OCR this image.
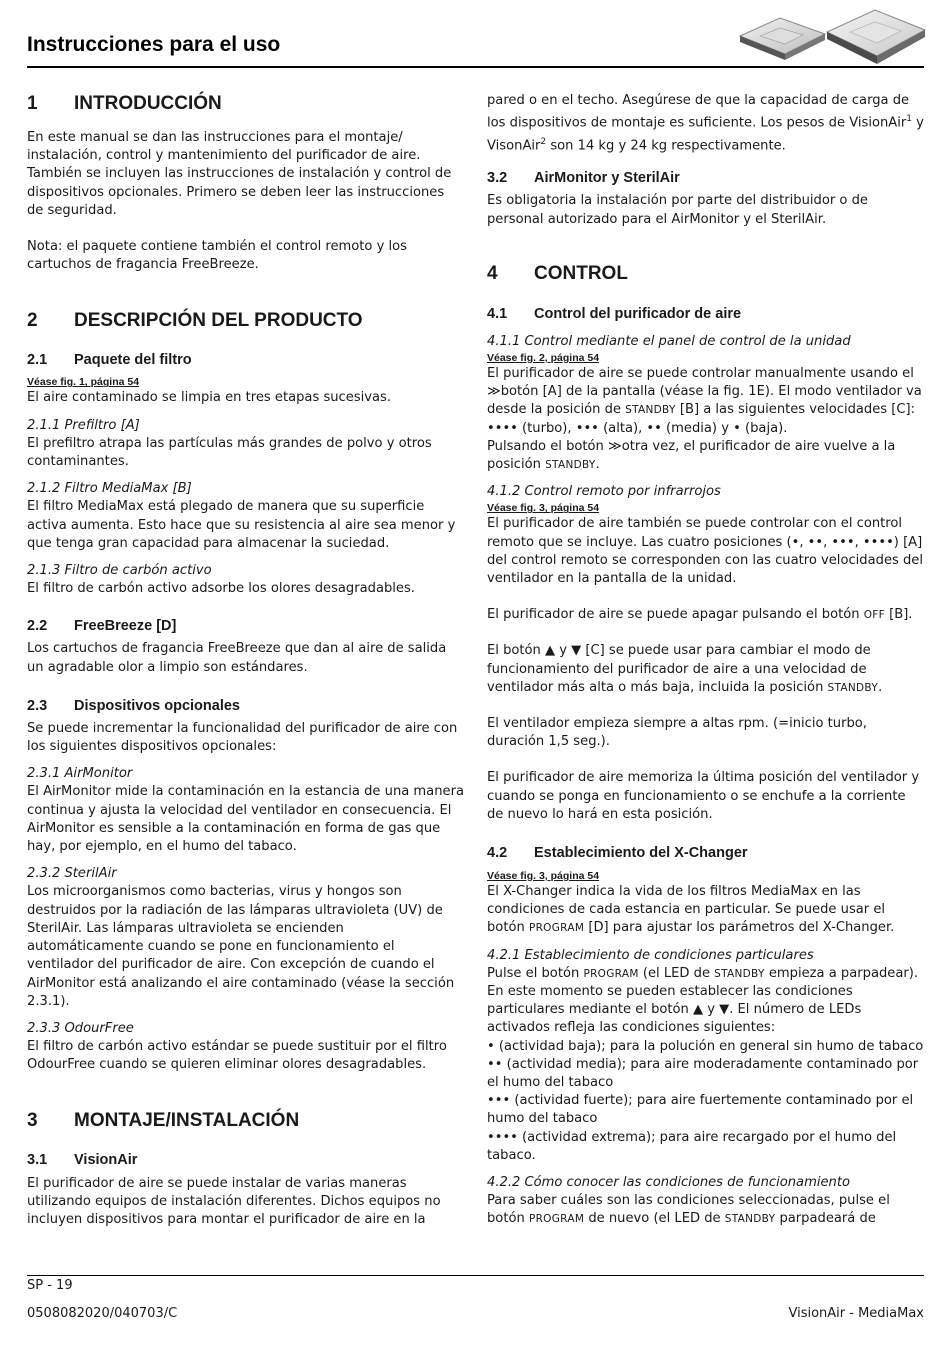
Instrucciones para el uso
1	INTRODUCCIÓN

En este manual se dan las instrucciones para el montaje/ instalación, control y mantenimiento del purificador de aire. También se incluyen las instrucciones de instalación y control de dispositivos opcionales. Primero se deben leer las instrucciones de seguridad.

Nota: el paquete contiene también el control remoto y los cartuchos de fragancia FreeBreeze.

2	DESCRIPCIÓN DEL PRODUCTO
2.1	Paquete del filtro
Véase fig. 1, página 54

El aire contaminado se limpia en tres etapas sucesivas.

2.1.1 Prefiltro [A]

El prefiltro atrapa las partículas más grandes de polvo y otros contaminantes.

2.1.2 Filtro MediaMax [B]

El filtro MediaMax está plegado de manera que su superficie activa aumenta. Esto hace que su resistencia al aire sea menor y que tenga gran capacidad para almacenar la suciedad.

2.1.3 Filtro de carbón activo

El filtro de carbón activo adsorbe los olores desagradables.

2.2	FreeBreeze [D]

Los cartuchos de fragancia FreeBreeze que dan al aire de salida un agradable olor a limpio son estándares.

2.3	Dispositivos opcionales

Se puede incrementar la funcionalidad del purificador de aire con los siguientes dispositivos opcionales:

2.3.1 AirMonitor

El AirMonitor mide la contaminación en la estancia de una manera continua y ajusta la velocidad del ventilador en consecuencia. El AirMonitor es sensible a la contaminación en forma de gas que hay, por ejemplo, en el humo del tabaco.

2.3.2 SterilAir

Los microorganismos como bacterias, virus y hongos son destruidos por la radiación de las lámparas ultravioleta (UV) de SterilAir. Las lámparas ultravioleta se encienden automáticamente cuando se pone en funcionamiento el ventilador del purificador de aire. Con excepción de cuando el AirMonitor está analizando el aire contaminado (véase la sección 2.3.1).

2.3.3 OdourFree

El filtro de carbón activo estándar se puede sustituir por el filtro OdourFree cuando se quieren eliminar olores desagradables.

3	MONTAJE/INSTALACIÓN
3.1	VisionAir

El purificador de aire se puede instalar de varias maneras utilizando equipos de instalación diferentes. Dichos equipos no incluyen dispositivos para montar el purificador de aire en la

pared o en el techo. Asegúrese de que la capacidad de carga de los dispositivos de montaje es suficiente. Los pesos de VisionAir$^1$ y VisonAir$^2$ son 14 kg y 24 kg respectivamente.

3.2	AirMonitor y SterilAir

Es obligatoria la instalación por parte del distribuidor o de personal autorizado para el AirMonitor y el SterilAir.

4	CONTROL
4.1	Control del purificador de aire

4.1.1 Control mediante el panel de control de la unidad

Véase fig. 2, página 54

El purificador de aire se puede controlar manualmente usando el ≫botón [A] de la pantalla (véase la fig. 1E). El modo ventilador va desde la posición de STANDBY [B] a las siguientes velocidades [C]: •••• (turbo), ••• (alta), •• (media) y • (baja).

Pulsando el botón ≫otra vez, el purificador de aire vuelve a la posición STANDBY.

4.1.2 Control remoto por infrarrojos

Véase fig. 3, página 54

El purificador de aire también se puede controlar con el control remoto que se incluye. Las cuatro posiciones (•, ••, •••, ••••) [A] del control remoto se corresponden con las cuatro velocidades del ventilador en la pantalla de la unidad.

El purificador de aire se puede apagar pulsando el botón OFF [B].

El botón ▲ y ▼ [C] se puede usar para cambiar el modo de funcionamiento del purificador de aire a una velocidad de ventilador más alta o más baja, incluida la posición STANDBY.

El ventilador empieza siempre a altas rpm. (=inicio turbo, duración 1,5 seg.).

El purificador de aire memoriza la última posición del ventilador y cuando se ponga en funcionamiento o se enchufe a la corriente de nuevo lo hará en esta posición.

4.2	Establecimiento del X-Changer
Véase fig. 3, página 54

El X-Changer indica la vida de los filtros MediaMax en las condiciones de cada estancia en particular. Se puede usar el botón PROGRAM [D] para ajustar los parámetros del X-Changer.

4.2.1 Establecimiento de condiciones particulares

Pulse el botón PROGRAM (el LED de STANDBY empieza a parpadear). En este momento se pueden establecer las condiciones particulares mediante el botón ▲ y ▼. El número de LEDs activados refleja las condiciones siguientes:

• (actividad baja); para la polución en general sin humo de tabaco

•• (actividad media); para aire moderadamente contaminado por el humo del tabaco

••• (actividad fuerte); para aire fuertemente contaminado por el humo del tabaco

•••• (actividad extrema); para aire recargado por el humo del tabaco.

4.2.2 Cómo conocer las condiciones de funcionamiento

Para saber cuáles son las condiciones seleccionadas, pulse el botón PROGRAM de nuevo (el LED de STANDBY parpadeará de

SP - 19
0508082020/040703/C	VisionAir - MediaMax
